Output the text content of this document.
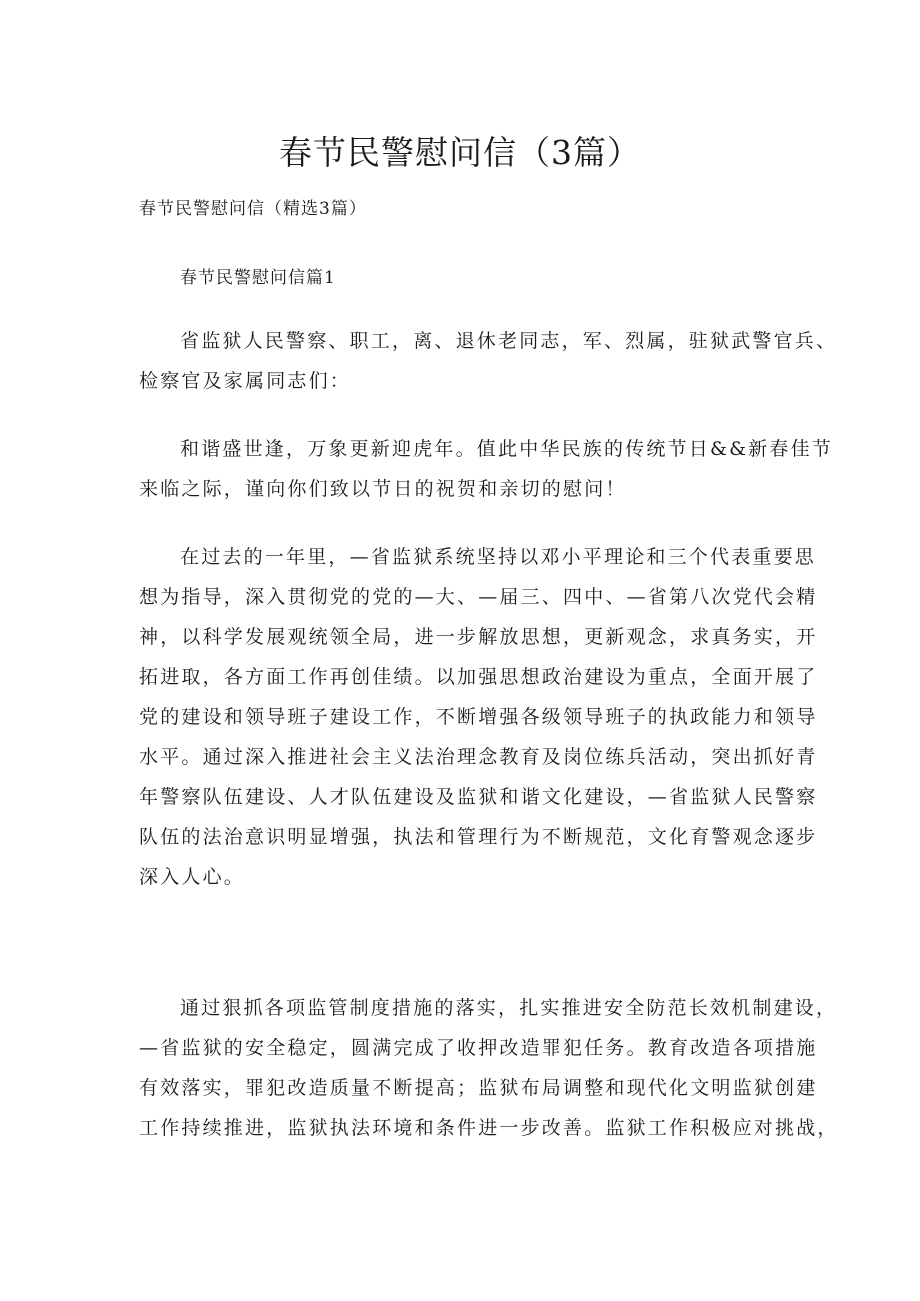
春节民警慰问信（3篇）

春节民警慰问信（精选3篇）

春节民警慰问信篇1

省监狱人民警察、职工，离、退休老同志，军、烈属，驻狱武警官兵、
检察官及家属同志们：
和谐盛世逢，万象更新迎虎年。值此中华民族的传统节日&&新春佳节
来临之际，谨向你们致以节日的祝贺和亲切的慰问！
在过去的一年里，—省监狱系统坚持以邓小平理论和三个代表重要思
想为指导，深入贯彻党的党的—大、—届三、四中、—省第八次党代会精
神，以科学发展观统领全局，进一步解放思想，更新观念，求真务实，开
拓进取，各方面工作再创佳绩。以加强思想政治建设为重点，全面开展了
党的建设和领导班子建设工作，不断增强各级领导班子的执政能力和领导
水平。通过深入推进社会主义法治理念教育及岗位练兵活动，突出抓好青
年警察队伍建设、人才队伍建设及监狱和谐文化建设，—省监狱人民警察
队伍的法治意识明显增强，执法和管理行为不断规范，文化育警观念逐步
深入人心。
通过狠抓各项监管制度措施的落实，扎实推进安全防范长效机制建设，
—省监狱的安全稳定，圆满完成了收押改造罪犯任务。教育改造各项措施
有效落实，罪犯改造质量不断提高；监狱布局调整和现代化文明监狱创建
工作持续推进，监狱执法环境和条件进一步改善。监狱工作积极应对挑战，
